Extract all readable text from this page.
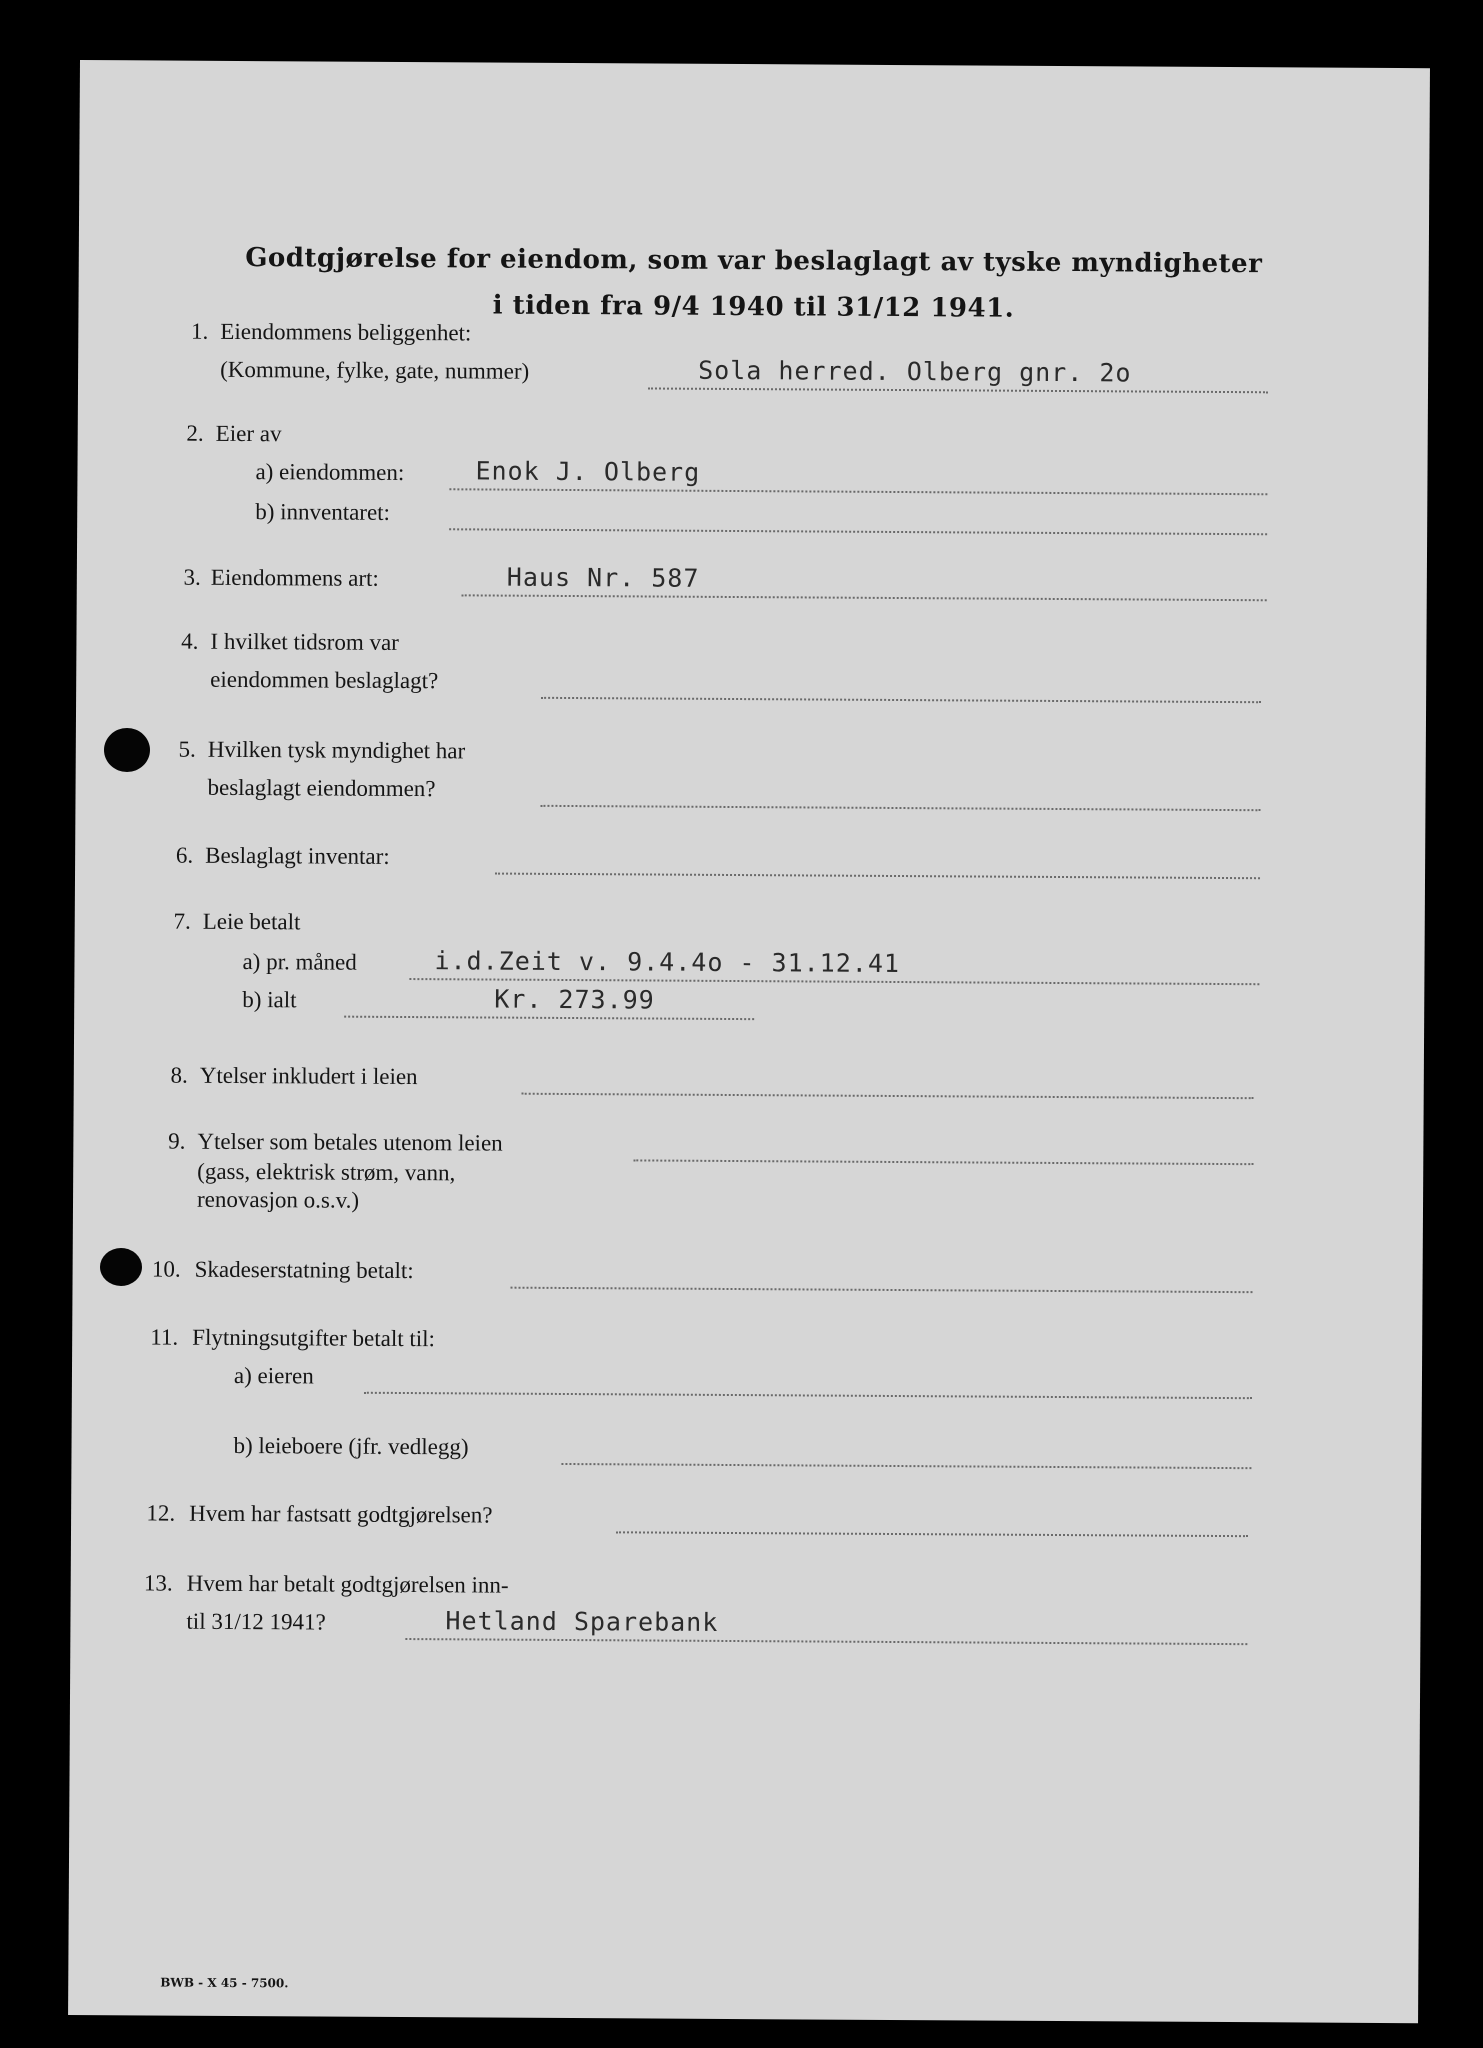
Godtgjørelse for eiendom, som var beslaglagt av tyske myndigheter
i tiden fra 9/4 1940 til 31/12 1941.
1. Eiendommens beliggenhet:
(Kommune, fylke, gate, nummer)	Sola herred. Olberg gnr. 2o
2. Eier av
a) eiendommen:	Enok J. Olberg
b) innventaret:
3. Eiendommens art:	Haus Nr. 587
4. I hvilket tidsrom var
eiendommen beslaglagt?
5. Hvilken tysk myndighet har
beslaglagt eiendommen?
6. Beslaglagt inventar:
7. Leie betalt
a) pr. måned	i.d.Zeit v. 9.4.4o - 31.12.41
b) ialt	Kr. 273.99
8. Ytelser inkludert i leien
9. Ytelser som betales utenom leien
(gass, elektrisk strøm, vann,
renovasjon o.s.v.)
10. Skadeserstatning betalt:
11. Flytningsutgifter betalt til:
a) eieren
b) leieboere (jfr. vedlegg)
12. Hvem har fastsatt godtgjørelsen?
13. Hvem har betalt godtgjørelsen inn-
til 31/12 1941?	Hetland Sparebank
BWB - X 45 - 7500.
